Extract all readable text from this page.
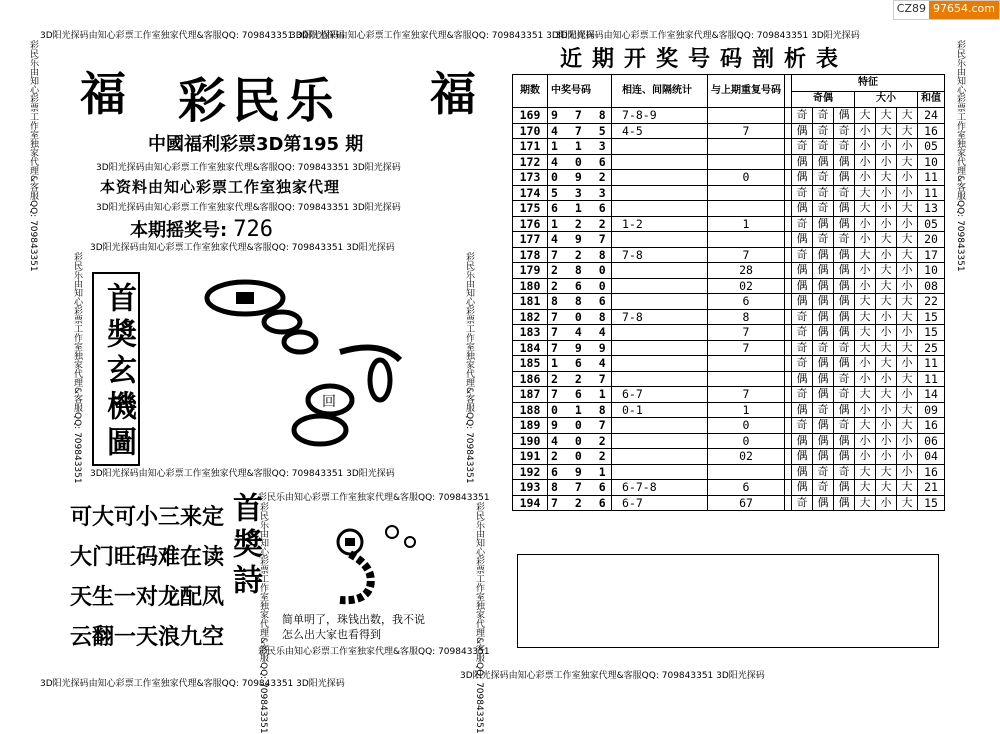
CZ89 97654.com
3D阳光探码由知心彩票工作室独家代理&客服QQ: 709843351 3D阳光探码
3D阳光探码由知心彩票工作室独家代理&客服QQ: 709843351 3D阳光探码
3D阳光探码由知心彩票工作室独家代理&客服QQ: 709843351 3D阳光探码
3D阳光探码由知心彩票工作室独家代理&客服QQ: 709843351 3D阳光探码
3D阳光探码由知心彩票工作室独家代理&客服QQ: 709843351 3D阳光探码
彩民乐由知心彩票工作室独家代理&客服QQ: 709843351	彩民乐由知心彩票工作室独家代理&客服QQ: 709843351
福	福
彩民乐
中國福利彩票3D第195 期
3D阳光探码由知心彩票工作室独家代理&客服QQ: 709843351 3D阳光探码
本资料由知心彩票工作室独家代理
3D阳光探码由知心彩票工作室独家代理&客服QQ: 709843351 3D阳光探码
本期摇奖号: 726
3D阳光探码由知心彩票工作室独家代理&客服QQ: 709843351 3D阳光探码
3D阳光探码由知心彩票工作室独家代理&客服QQ: 709843351 3D阳光探码
彩民乐由知心彩票工作室独家代理&客服QQ: 709843351	彩民乐由知心彩票工作室独家代理&客服QQ: 709843351
首奬玄機圖	回
可大可小三来定
大门旺码难在读
天生一对龙配凤
云翻一天浪九空
首奬詩
彩民乐由知心彩票工作室独家代理&客服QQ: 709843351
彩民乐由知心彩票工作室独家代理&客服QQ: 709843351
彩民乐由知心彩票工作室独家代理&客服QQ: 709843351	彩民乐由知心彩票工作室独家代理&客服QQ: 709843351
简单明了，珠钱出数，我不说
怎么出大家也看得到
近期开奖号码剖析表
期数	中奖号码	相连、间隔统计	与上期重复号码		特征						
					奇偶			大小			和值
169	9 7 8	7-8-9			奇	奇	偶	大	大	大	24
170	4 7 5	4-5	7		偶	奇	奇	小	大	大	16
171	1 1 3				奇	奇	奇	小	小	小	05
172	4 0 6				偶	偶	偶	小	小	大	10
173	0 9 2		0		偶	奇	偶	小	大	小	11
174	5 3 3				奇	奇	奇	大	小	小	11
175	6 1 6				偶	奇	偶	大	小	大	13
176	1 2 2	1-2	1		奇	偶	偶	小	小	小	05
177	4 9 7				偶	奇	奇	小	大	大	20
178	7 2 8	7-8	7		奇	偶	偶	大	小	大	17
179	2 8 0		28		偶	偶	偶	小	大	小	10
180	2 6 0		02		偶	偶	偶	小	大	小	08
181	8 8 6		6		偶	偶	偶	大	大	大	22
182	7 0 8	7-8	8		奇	偶	偶	大	小	大	15
183	7 4 4		7		奇	偶	偶	大	小	小	15
184	7 9 9		7		奇	奇	奇	大	大	大	25
185	1 6 4				奇	偶	偶	小	大	小	11
186	2 2 7				偶	偶	奇	小	小	大	11
187	7 6 1	6-7	7		奇	偶	奇	大	大	小	14
188	0 1 8	0-1	1		偶	奇	偶	小	小	大	09
189	9 0 7		0		奇	偶	奇	大	小	大	16
190	4 0 2		0		偶	偶	偶	小	小	小	06
191	2 0 2		02		偶	偶	偶	小	小	小	04
192	6 9 1				偶	奇	奇	大	大	小	16
193	8 7 6	6-7-8	6		偶	奇	偶	大	大	大	21
194	7 2 6	6-7	67		奇	偶	偶	大	小	大	15
